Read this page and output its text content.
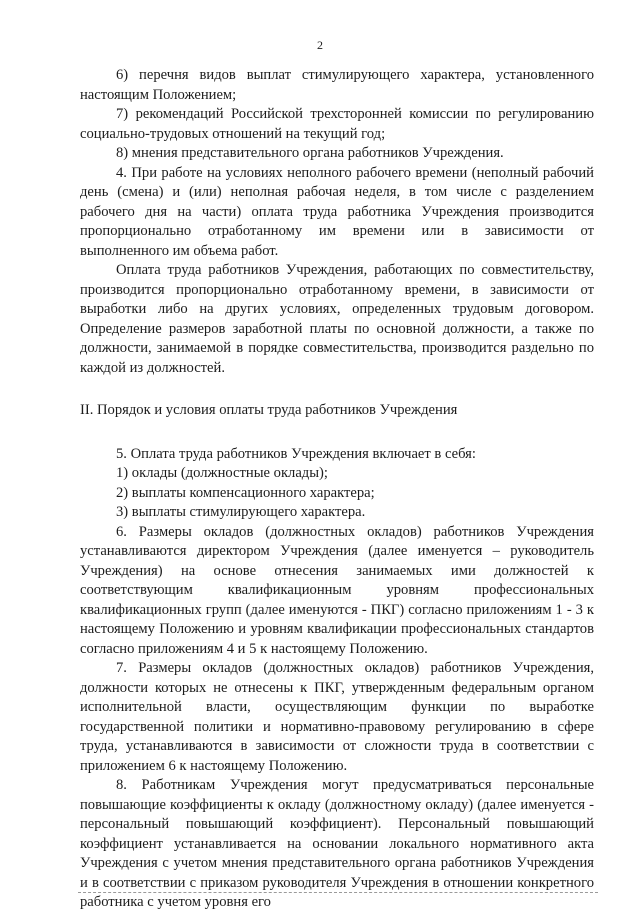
2

6) перечня видов выплат стимулирующего характера, установленного настоящим Положением;

7) рекомендаций Российской трехсторонней комиссии по регулированию социально-трудовых отношений на текущий год;

8) мнения представительного органа работников Учреждения.

4. При работе на условиях неполного рабочего времени (неполный рабочий день (смена) и (или) неполная рабочая неделя, в том числе с разделением рабочего дня на части) оплата труда работника Учреждения производится пропорционально отработанному им времени или в зависимости от выполненного им объема работ.

Оплата труда работников Учреждения, работающих по совместительству, производится пропорционально отработанному времени, в зависимости от выработки либо на других условиях, определенных трудовым договором. Определение размеров заработной платы по основной должности, а также по должности, занимаемой в порядке совместительства, производится раздельно по каждой из должностей.

II. Порядок и условия оплаты труда работников Учреждения

5. Оплата труда работников Учреждения включает в себя:

1) оклады (должностные оклады);

2) выплаты компенсационного характера;

3) выплаты стимулирующего характера.

6. Размеры окладов (должностных окладов) работников Учреждения устанавливаются директором Учреждения (далее именуется – руководитель Учреждения) на основе отнесения занимаемых ими должностей к соответствующим квалификационным уровням профессиональных квалификационных групп (далее именуются - ПКГ) согласно приложениям 1 - 3 к настоящему Положению и уровням квалификации профессиональных стандартов согласно приложениям 4 и 5 к настоящему Положению.

7. Размеры окладов (должностных окладов) работников Учреждения, должности которых не отнесены к ПКГ, утвержденным федеральным органом исполнительной власти, осуществляющим функции по выработке государственной политики и нормативно-правовому регулированию в сфере труда, устанавливаются в зависимости от сложности труда в соответствии с приложением 6 к настоящему Положению.

8. Работникам Учреждения могут предусматриваться персональные повышающие коэффициенты к окладу (должностному окладу) (далее именуется - персональный повышающий коэффициент). Персональный повышающий коэффициент устанавливается на основании локального нормативного акта Учреждения с учетом мнения представительного органа работников Учреждения и в соответствии с приказом руководителя Учреждения в отношении конкретного работника с учетом уровня его
